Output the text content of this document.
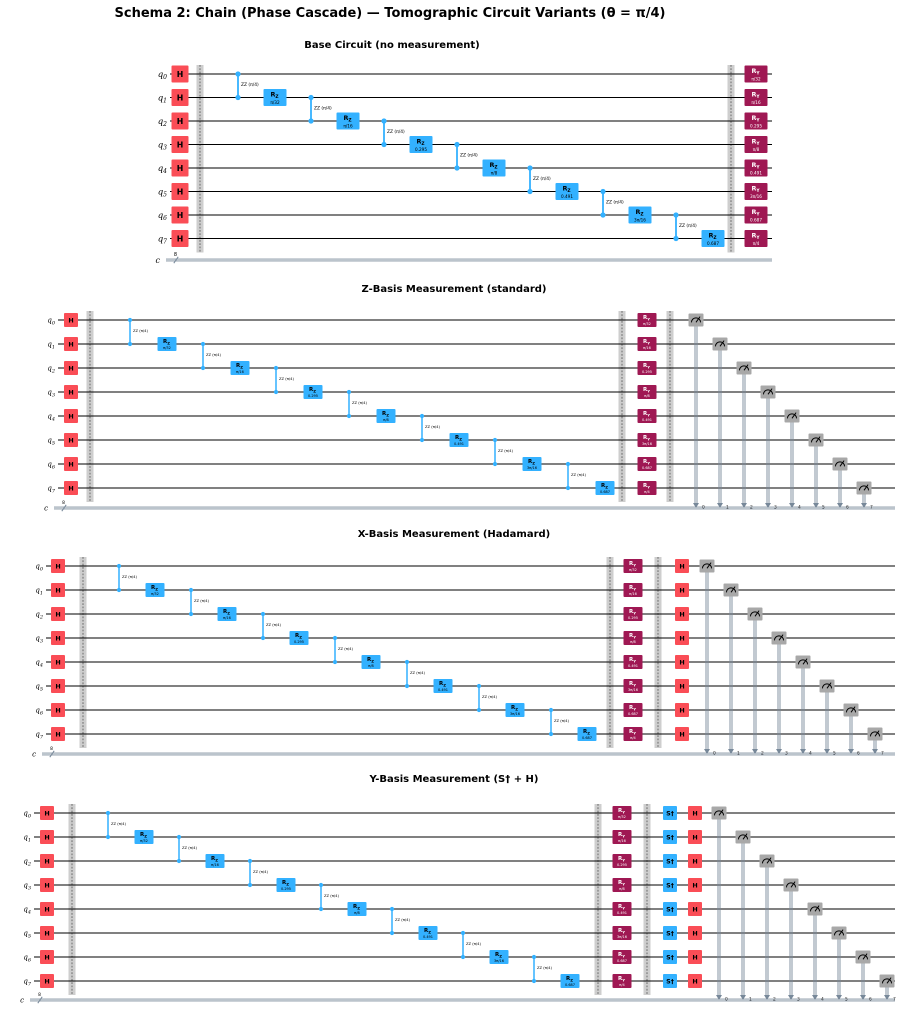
Schema 2: Chain (Phase Cascade) — Tomographic Circuit Variants (θ = π/4)
Base Circuit (no measurement)
Z-Basis Measurement (standard)
X-Basis Measurement (Hadamard)
Y-Basis Measurement (S† + H)
8
c
$q_0$
$q_1$
$q_2$
$q_3$
$q_4$
$q_5$
$q_6$
$q_7$
H
H
H
H
H
H
H
H
ZZ (π/4)
$R_Z$
π/32
ZZ (π/4)
$R_Z$
π/16
ZZ (π/4)
$R_Z$
0.295
ZZ (π/4)
$R_Z$
π/8
ZZ (π/4)
$R_Z$
0.491
ZZ (π/4)
$R_Z$
3π/16
ZZ (π/4)
$R_Z$
0.687
$R_Y$
π/32
$R_Y$
π/16
$R_Y$
0.295
$R_Y$
π/8
$R_Y$
0.491
$R_Y$
3π/16
$R_Y$
0.687
$R_Y$
π/4
8
c
$q_0$
$q_1$
$q_2$
$q_3$
$q_4$
$q_5$
$q_6$
$q_7$
H
H
H
H
H
H
H
H
ZZ (π/4)
$R_Z$
π/32
ZZ (π/4)
$R_Z$
π/16
ZZ (π/4)
$R_Z$
0.295
ZZ (π/4)
$R_Z$
π/8
ZZ (π/4)
$R_Z$
0.491
ZZ (π/4)
$R_Z$
3π/16
ZZ (π/4)
$R_Z$
0.687
$R_Y$
π/32
$R_Y$
π/16
$R_Y$
0.295
$R_Y$
π/8
$R_Y$
0.491
$R_Y$
3π/16
$R_Y$
0.687
$R_Y$
π/4
0	1	2	3	4	5	6	7
8
c
$q_0$
$q_1$
$q_2$
$q_3$
$q_4$
$q_5$
$q_6$
$q_7$
H
H
H
H
H
H
H
H
ZZ (π/4)
$R_Z$
π/32
ZZ (π/4)
$R_Z$
π/16
ZZ (π/4)
$R_Z$
0.295
ZZ (π/4)
$R_Z$
π/8
ZZ (π/4)
$R_Z$
0.491
ZZ (π/4)
$R_Z$
3π/16
ZZ (π/4)
$R_Z$
0.687
$R_Y$
π/32
$R_Y$
π/16
$R_Y$
0.295
$R_Y$
π/8
$R_Y$
0.491
$R_Y$
3π/16
$R_Y$
0.687
$R_Y$
π/4
H
H
H
H
H
H
H
H
0	1	2	3	4	5	6	7
8
c
$q_0$
$q_1$
$q_2$
$q_3$
$q_4$
$q_5$
$q_6$
$q_7$
H
H
H
H
H
H
H
H
ZZ (π/4)
$R_Z$
π/32
ZZ (π/4)
$R_Z$
π/16
ZZ (π/4)
$R_Z$
0.295
ZZ (π/4)
$R_Z$
π/8
ZZ (π/4)
$R_Z$
0.491
ZZ (π/4)
$R_Z$
3π/16
ZZ (π/4)
$R_Z$
0.687
$R_Y$
π/32
$R_Y$
π/16
$R_Y$
0.295
$R_Y$
π/8
$R_Y$
0.491
$R_Y$
3π/16
$R_Y$
0.687
$R_Y$
π/4
S†
S†
S†
S†
S†
S†
S†
S†
H
H
H
H
H
H
H
H
0	1	2	3	4	5	6	7
